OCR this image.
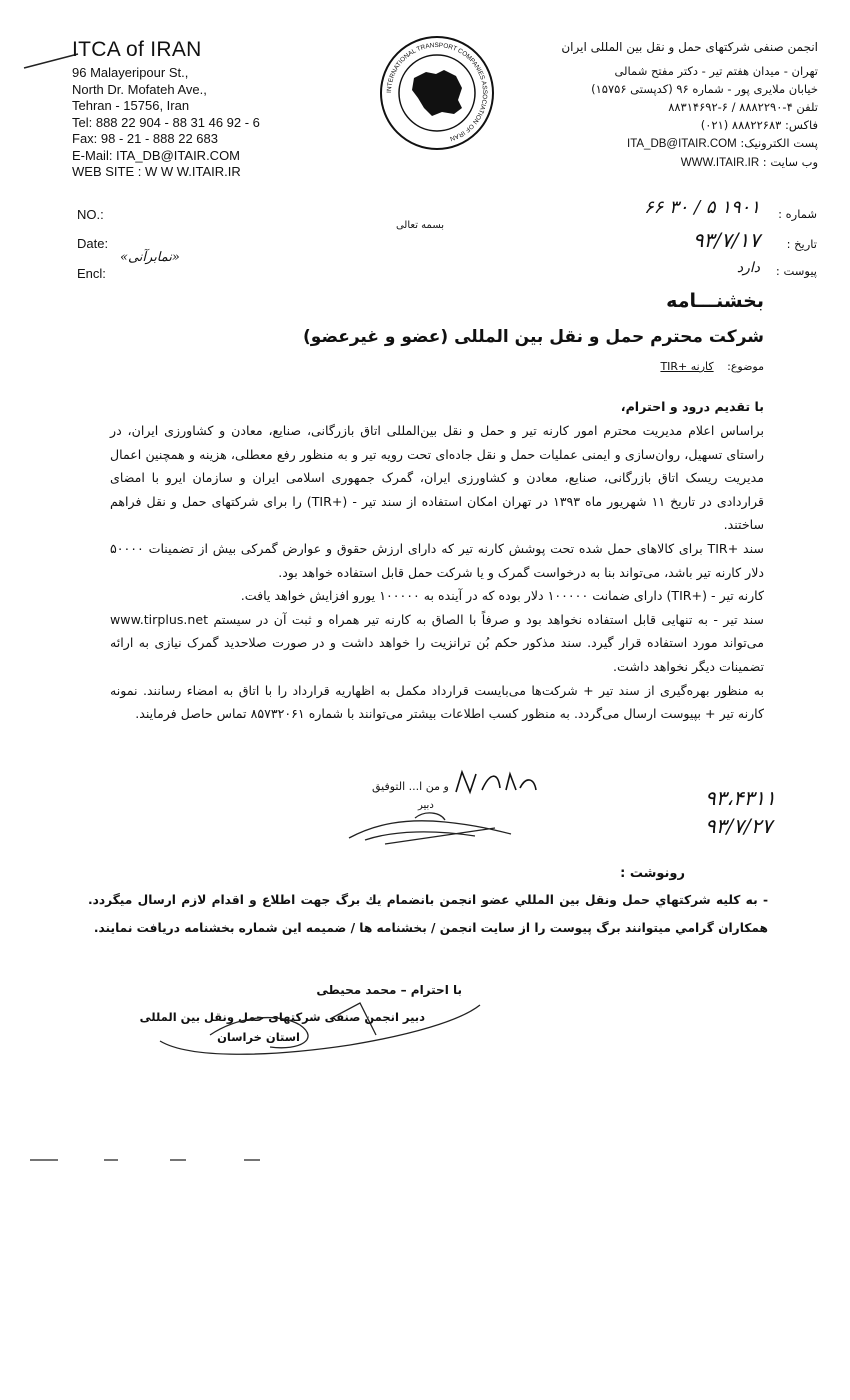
ITCA of IRAN
96 Malayeripour St.,
North Dr. Mofateh Ave.,
Tehran - 15756, Iran
Tel: 888 22 904 - 88 31 46 92 - 6
Fax: 98 - 21 - 888 22 683
E-Mail: ITA_DB@ITAIR.COM
WEB SITE : W W W.ITAIR.IR
INTERNATIONAL TRANSPORT COMPANIES ASSOCIATION OF IRAN
انجمن صنفی شرکتهای حمل و نقل بین المللی ایران
تهران - میدان هفتم تیر - دکتر مفتح شمالی
خیابان ملایری پور - شماره ۹۶ (کدپستی ۱۵۷۵۶)
تلفن ۴-۸۸۸۲۲۹۰ / ۶-۸۸۳۱۴۶۹۲
فاکس: ۸۸۸۲۲۶۸۳ (۰۲۱)
پست الکترونیک: ITA_DB@ITAIR.COM
وب سایت : WWW.ITAIR.IR
NO.:
Date:
Encl:
«نمابرآنی»
بسمه تعالی
شماره :
تاریخ :
پیوست :
۱۹۰۱ ۵ / ۳۰ ۶۶
۹۳/۷/۱۷
دارد
بخشنـــامه
شرکت محترم حمل و نقل بین المللی (عضو و غیرعضو)
موضوع: کارنه +TIR
با تقدیم درود و احترام،

براساس اعلام مدیریت محترم امور کارنه تیر و حمل و نقل بین‌المللی اتاق بازرگانی، صنایع، معادن و کشاورزی ایران، در راستای تسهیل، روان‌سازی و ایمنی عملیات حمل و نقل جاده‌ای تحت رویه تیر و به منظور رفع معطلی، هزینه و همچنین اعمال مدیریت ریسک اتاق بازرگانی، صنایع، معادن و کشاورزی ایران، گمرک جمهوری اسلامی ایران و سازمان ایرو با امضای قراردادی در تاریخ ۱۱ شهریور ماه ۱۳۹۳ در تهران امکان استفاده از سند تیر - (+TIR) را برای شرکتهای حمل و نقل فراهم ساختند.

سند +TIR برای کالاهای حمل شده تحت پوشش کارنه تیر که دارای ارزش حقوق و عوارض گمرکی بیش از تضمینات ۵۰۰۰۰ دلار کارنه تیر باشد، می‌تواند بنا به درخواست گمرک و یا شرکت حمل قابل استفاده خواهد بود.

کارنه تیر - (+TIR) دارای ضمانت ۱۰۰۰۰۰ دلار بوده که در آینده به ۱۰۰۰۰۰ یورو افزایش خواهد یافت.

سند تیر - به تنهایی قابل استفاده نخواهد بود و صرفاً با الصاق به کارنه تیر همراه و ثبت آن در سیستم www.tirplus.net می‌تواند مورد استفاده قرار گیرد. سند مذکور حکم بُن ترانزیت را خواهد داشت و در صورت صلاحدید گمرک نیازی به ارائه تضمینات دیگر نخواهد داشت.

به منظور بهره‌گیری از سند تیر + شرکت‌ها می‌بایست قرارداد مکمل به اظهاریه قرارداد را با اتاق به امضاء رسانند. نمونه کارنه تیر + بپیوست ارسال می‌گردد. به منظور کسب اطلاعات بیشتر می‌توانند با شماره ۸۵۷۳۲۰۶۱ تماس حاصل فرمایند.

و من ا... التوفیق	۹۳،۴۳۱۱
۹۳/۷/۲۷
دبیر
رونوشت :
- به كليه شركتهاي حمل ونقل بين المللي عضو انجمن بانضمام يك برگ جهت اطلاع و اقدام لازم ارسال میگردد. همكاران گرامي ميتوانند برگ پيوست را از سايت انجمن / بخشنامه ها / ضميمه اين شماره بخشنامه دريافت نمایند.
با احترام – محمد محیطی
دبیر انجمن صنفی شرکتهای حمل ونقل بین المللی
استان خراسان
